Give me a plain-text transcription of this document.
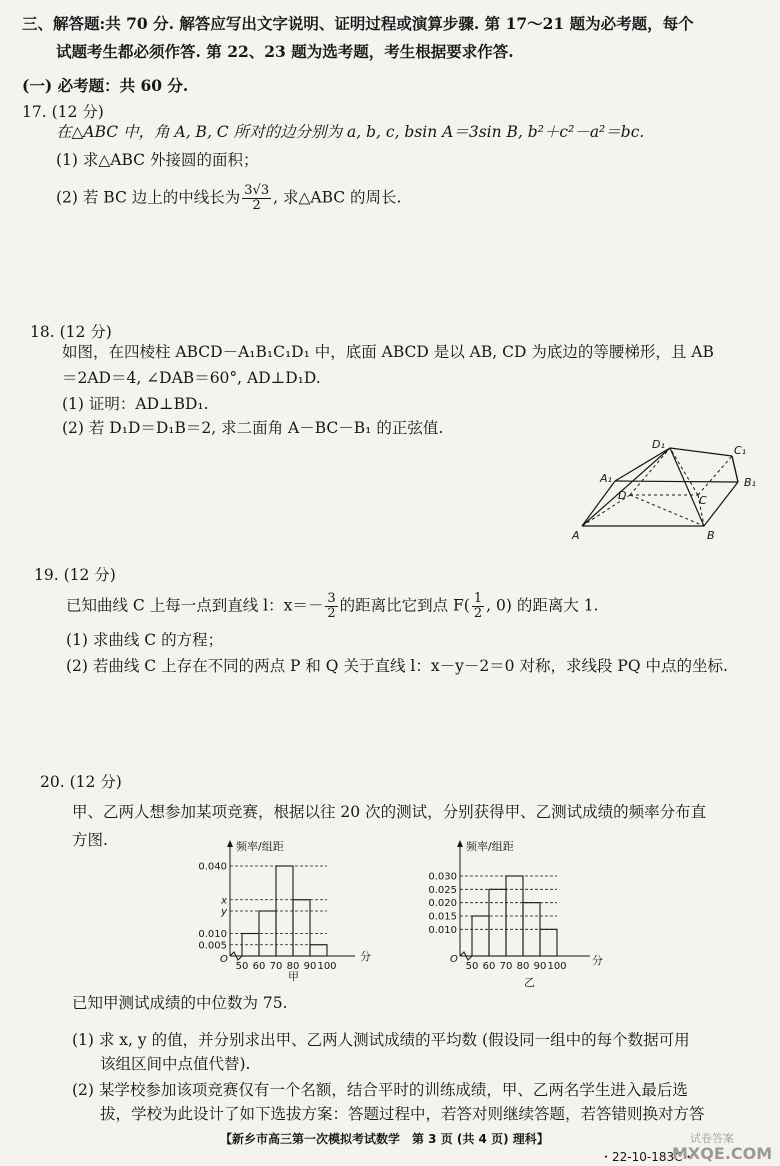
三、解答题:共 70 分. 解答应写出文字说明、证明过程或演算步骤. 第 17～21 题为必考题，每个
试题考生都必须作答. 第 22、23 题为选考题，考生根据要求作答.
(一) 必考题：共 60 分.
17. (12 分)
在△ABC 中，角 A, B, C 所对的边分别为 a, b, c, bsin A＝3sin B, b²＋c²－a²＝bc.
(1) 求△ABC 外接圆的面积；
(2) 若 BC 边上的中线长为 $\frac{3√3}{2}$ , 求△ABC 的周长.
18. (12 分)
如图，在四棱柱 ABCD－A₁B₁C₁D₁ 中，底面 ABCD 是以 AB, CD 为底边的等腰梯形，且 AB
＝2AD＝4, ∠DAB＝60°, AD⊥D₁D.
(1) 证明：AD⊥BD₁.
(2) 若 D₁D＝D₁B＝2, 求二面角 A－BC－B₁ 的正弦值.
D₁	C₁
A₁	B₁
D	C
A	B
19. (12 分)
已知曲线 C 上每一点到直线 l：$x=- \frac{3}{2}$ 的距离比它到点 $F( \frac{1}{2}$ , 0) 的距离大 1.
(1) 求曲线 C 的方程；
(2) 若曲线 C 上存在不同的两点 P 和 Q 关于直线 l：x－y－2＝0 对称，求线段 PQ 中点的坐标.
20. (12 分)
甲、乙两人想参加某项竞赛，根据以往 20 次的测试，分别获得甲、乙测试成绩的频率分布直
方图.	频率/组距
分
O
甲
0.040
x
y
0.010
0.005
50 60 70 80 90 100
频率/组距
分
O
乙
0.030
0.025
0.020
0.015
0.010
50 60 70 80 90 100
已知甲测试成绩的中位数为 75.
(1) 求 x, y 的值，并分别求出甲、乙两人测试成绩的平均数 (假设同一组中的每个数据可用
该组区间中点值代替).
(2) 某学校参加该项竞赛仅有一个名额，结合平时的训练成绩，甲、乙两名学生进入最后选
拔，学校为此设计了如下选拔方案：答题过程中，若答对则继续答题，若答错则换对方答
【新乡市高三第一次模拟考试数学　第 3 页 (共 4 页) 理科】
・22-10-183C・
试卷答案
MXQE.COM
